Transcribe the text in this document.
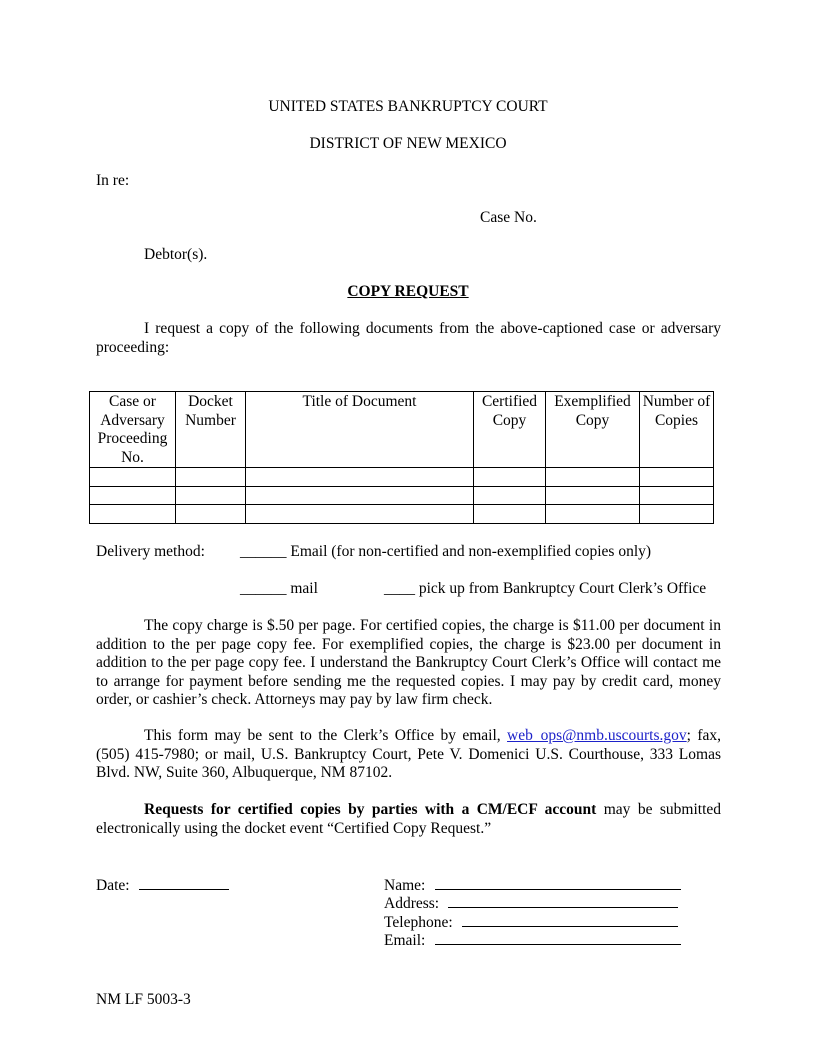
UNITED STATES BANKRUPTCY COURT
DISTRICT OF NEW MEXICO
In re:
Case No.
Debtor(s).
COPY REQUEST
I request a copy of the following documents from the above-captioned case or adversary proceeding:
Case or Adversary Proceeding No.	Docket Number	Title of Document	Certified Copy	Exemplified Copy	Number of Copies

Delivery method: ______ Email (for non-certified and non-exemplified copies only)
______ mail	____ pick up from Bankruptcy Court Clerk’s Office
The copy charge is $.50 per page. For certified copies, the charge is $11.00 per document in addition to the per page copy fee. For exemplified copies, the charge is $23.00 per document in addition to the per page copy fee. I understand the Bankruptcy Court Clerk’s Office will contact me to arrange for payment before sending me the requested copies. I may pay by credit card, money order, or cashier’s check. Attorneys may pay by law firm check.
This form may be sent to the Clerk’s Office by email, web_ops@nmb.uscourts.gov; fax, (505) 415-7980; or mail, U.S. Bankruptcy Court, Pete V. Domenici U.S. Courthouse, 333 Lomas Blvd. NW, Suite 360, Albuquerque, NM 87102.
Requests for certified copies by parties with a CM/ECF account may be submitted electronically using the docket event “Certified Copy Request.”
Date:	Name:
Address:
Telephone:
Email:
NM LF 5003-3
